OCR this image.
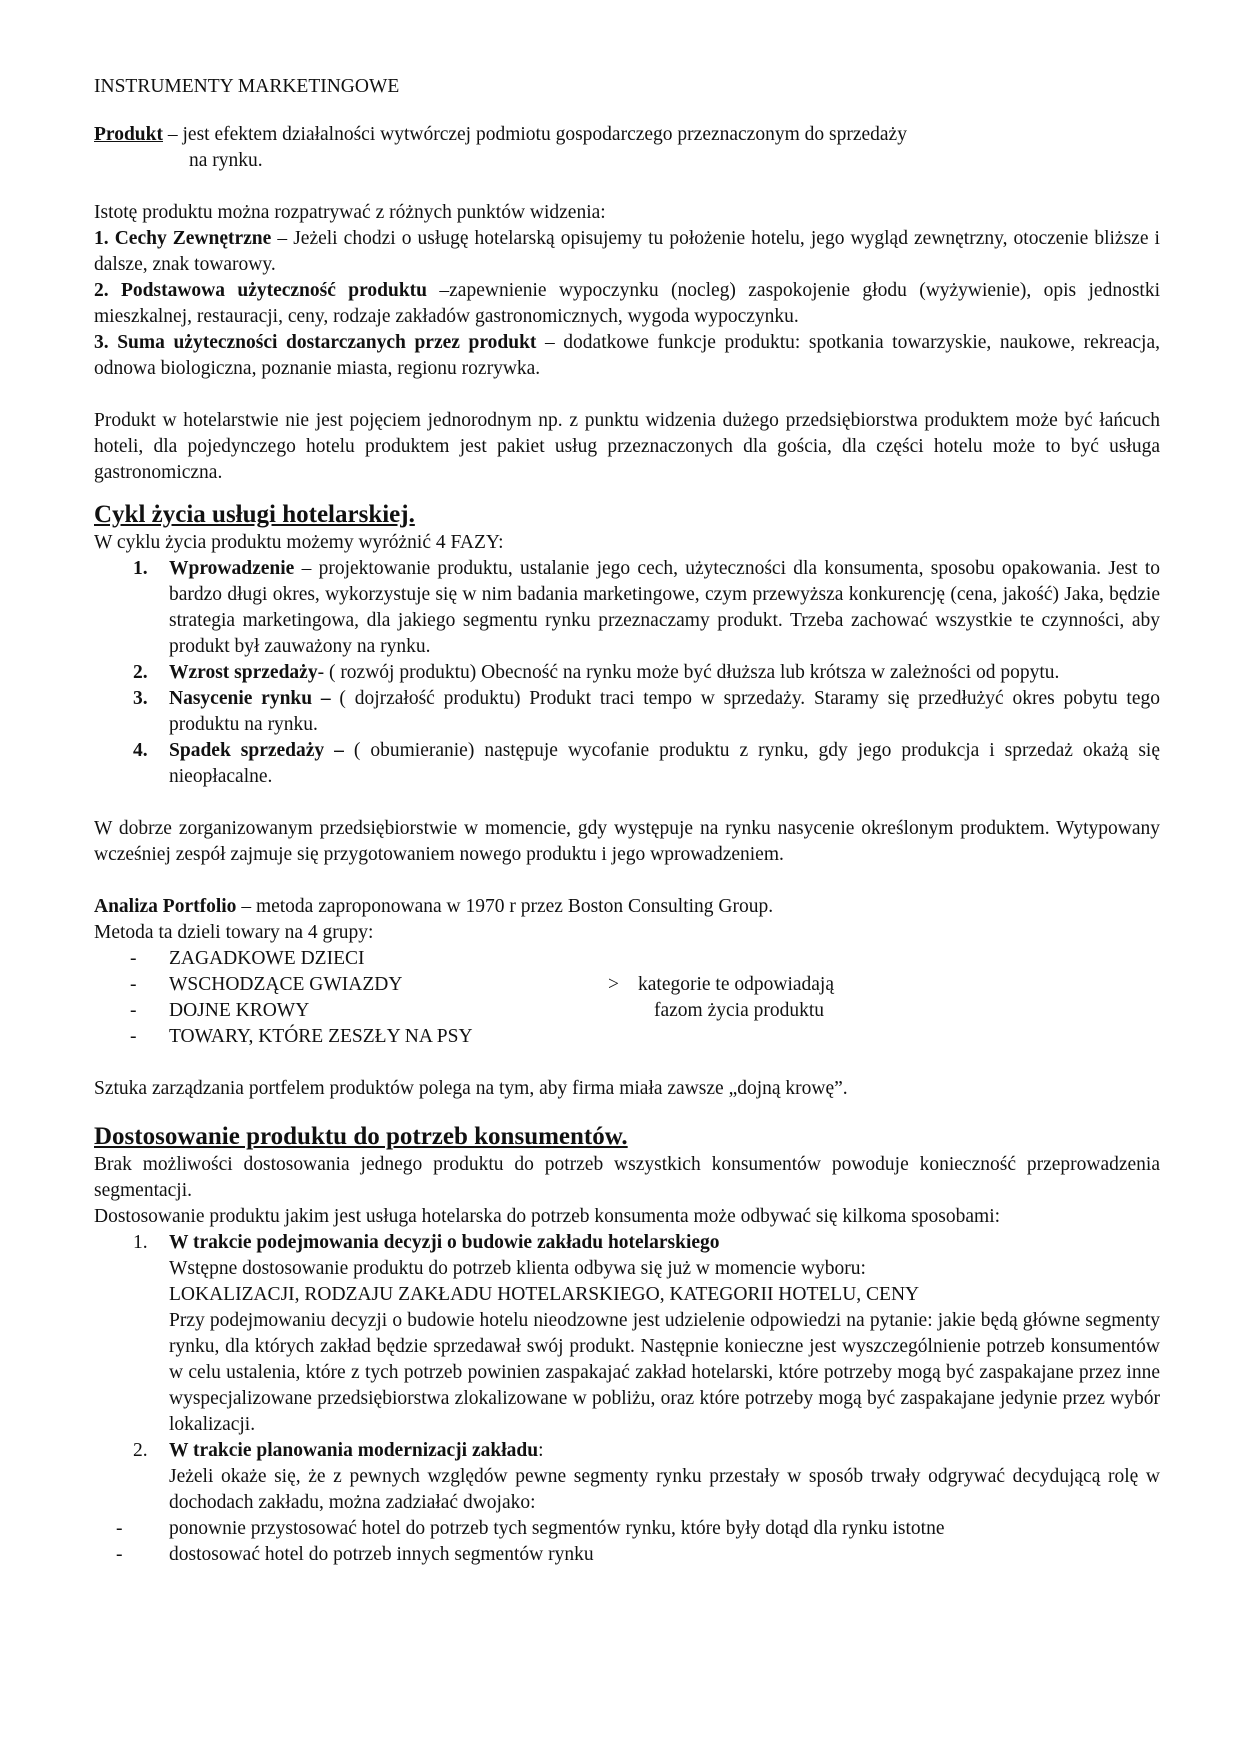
INSTRUMENTY MARKETINGOWE

Produkt – jest efektem działalności wytwórczej podmiotu gospodarczego przeznaczonym do sprzedaży

na rynku.

Istotę produktu można rozpatrywać z różnych punktów widzenia:

1. Cechy Zewnętrzne – Jeżeli chodzi o usługę hotelarską opisujemy tu położenie hotelu, jego wygląd zewnętrzny, otoczenie bliższe i dalsze, znak towarowy.

2. Podstawowa użyteczność produktu –zapewnienie wypoczynku (nocleg) zaspokojenie głodu (wyżywienie), opis jednostki mieszkalnej, restauracji, ceny, rodzaje zakładów gastronomicznych, wygoda wypoczynku.

3. Suma użyteczności dostarczanych przez produkt – dodatkowe funkcje produktu: spotkania towarzyskie, naukowe, rekreacja, odnowa biologiczna, poznanie miasta, regionu rozrywka.

Produkt w hotelarstwie nie jest pojęciem jednorodnym np. z punktu widzenia dużego przedsiębiorstwa produktem może być łańcuch hoteli, dla pojedynczego hotelu produktem jest pakiet usług przeznaczonych dla gościa, dla części hotelu może to być usługa gastronomiczna.

Cykl życia usługi hotelarskiej.

W cyklu życia produktu możemy wyróżnić 4 FAZY:

1. Wprowadzenie – projektowanie produktu, ustalanie jego cech, użyteczności dla konsumenta, sposobu opakowania. Jest to bardzo długi okres, wykorzystuje się w nim badania marketingowe, czym przewyższa konkurencję (cena, jakość) Jaka, będzie strategia marketingowa, dla jakiego segmentu rynku przeznaczamy produkt. Trzeba zachować wszystkie te czynności, aby produkt był zauważony na rynku.
2. Wzrost sprzedaży- ( rozwój produktu) Obecność na rynku może być dłuższa lub krótsza w zależności od popytu.
3. Nasycenie rynku – ( dojrzałość produktu) Produkt traci tempo w sprzedaży. Staramy się przedłużyć okres pobytu tego produktu na rynku.
4. Spadek sprzedaży – ( obumieranie) następuje wycofanie produktu z rynku, gdy jego produkcja i sprzedaż okażą się nieopłacalne.

W dobrze zorganizowanym przedsiębiorstwie w momencie, gdy występuje na rynku nasycenie określonym produktem. Wytypowany wcześniej zespół zajmuje się przygotowaniem nowego produktu i jego wprowadzeniem.

Analiza Portfolio – metoda zaproponowana w 1970 r przez Boston Consulting Group.

Metoda ta dzieli towary na 4 grupy:

- ZAGADKOWE DZIECI
- WSCHODZĄCE GWIAZDY
- DOJNE KROWY
- TOWARY, KTÓRE ZESZŁY NA PSY
> kategorie te odpowiadają
fazom życia produktu

Sztuka zarządzania portfelem produktów polega na tym, aby firma miała zawsze „dojną krowę”.

Dostosowanie produktu do potrzeb konsumentów.

Brak możliwości dostosowania jednego produktu do potrzeb wszystkich konsumentów powoduje konieczność przeprowadzenia segmentacji.

Dostosowanie produktu jakim jest usługa hotelarska do potrzeb konsumenta może odbywać się kilkoma sposobami:

1. W trakcie podejmowania decyzji o budowie zakładu hotelarskiego

Wstępne dostosowanie produktu do potrzeb klienta odbywa się już w momencie wyboru:

LOKALIZACJI, RODZAJU ZAKŁADU HOTELARSKIEGO, KATEGORII HOTELU, CENY

Przy podejmowaniu decyzji o budowie hotelu nieodzowne jest udzielenie odpowiedzi na pytanie: jakie będą główne segmenty rynku, dla których zakład będzie sprzedawał swój produkt. Następnie konieczne jest wyszczególnienie potrzeb konsumentów w celu ustalenia, które z tych potrzeb powinien zaspakajać zakład hotelarski, które potrzeby mogą być zaspakajane przez inne wyspecjalizowane przedsiębiorstwa zlokalizowane w pobliżu, oraz które potrzeby mogą być zaspakajane jedynie przez wybór lokalizacji.

2. W trakcie planowania modernizacji zakładu:

Jeżeli okaże się, że z pewnych względów pewne segmenty rynku przestały w sposób trwały odgrywać decydującą rolę w dochodach zakładu, można zadziałać dwojako:

- ponownie przystosować hotel do potrzeb tych segmentów rynku, które były dotąd dla rynku istotne
- dostosować hotel do potrzeb innych segmentów rynku
